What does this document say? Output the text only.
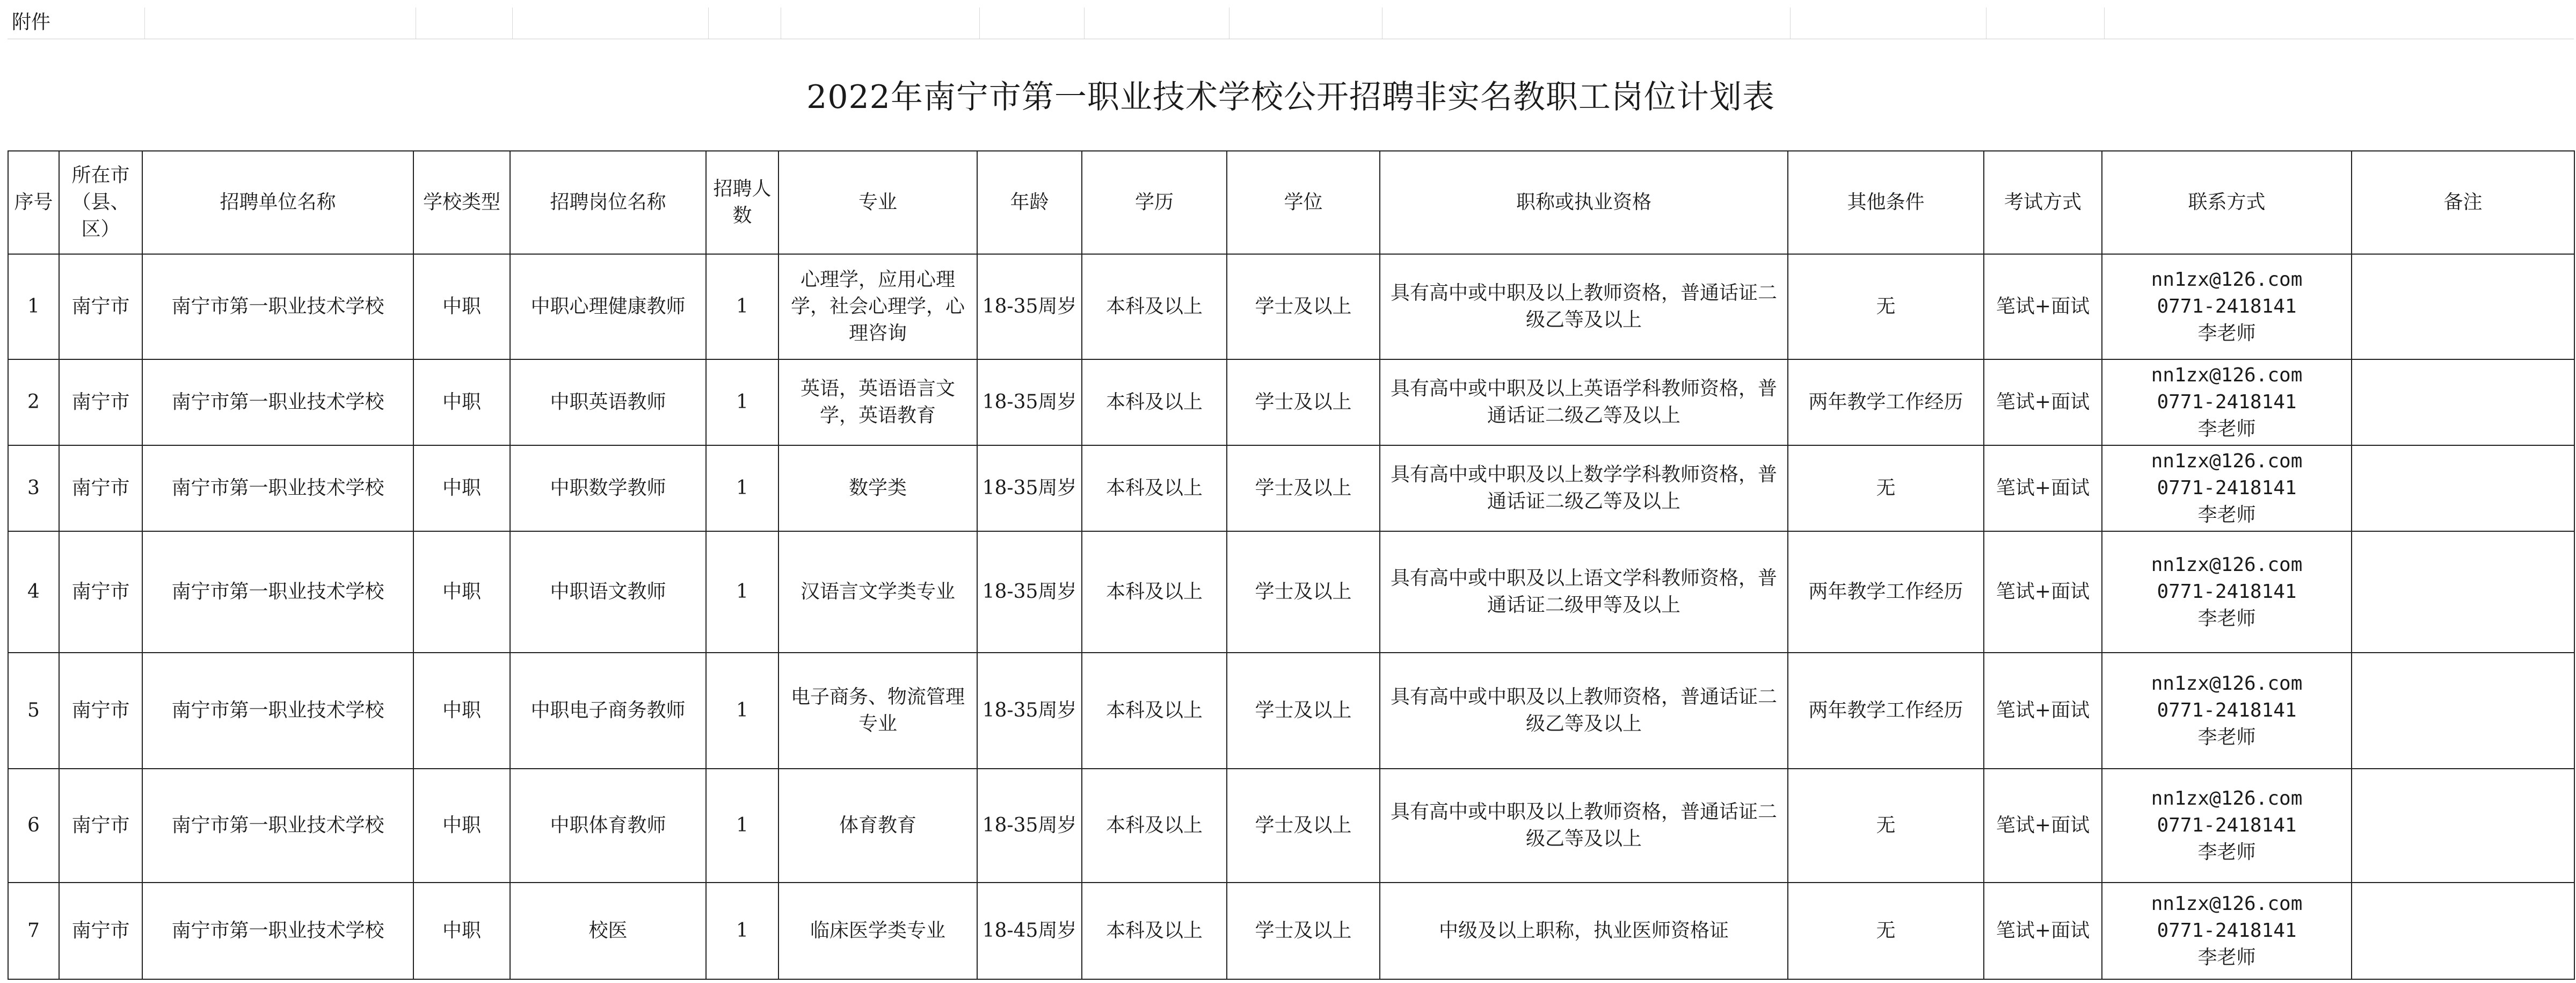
附件
2022年南宁市第一职业技术学校公开招聘非实名教职工岗位计划表
序号	所在市（县、区）	招聘单位名称	学校类型	招聘岗位名称	招聘人数	专业	年龄	学历	学位	职称或执业资格	其他条件	考试方式	联系方式	备注
1	南宁市	南宁市第一职业技术学校	中职	中职心理健康教师	1	心理学，应用心理学，社会心理学，心理咨询	18-35周岁	本科及以上	学士及以上	具有高中或中职及以上教师资格，普通话证二级乙等及以上	无	笔试+面试	nn1zx@126.com
0771-2418141
李老师	

2	南宁市	南宁市第一职业技术学校	中职	中职英语教师	1	英语，英语语言文学，英语教育	18-35周岁	本科及以上	学士及以上	具有高中或中职及以上英语学科教师资格，普通话证二级乙等及以上	两年教学工作经历	笔试+面试	nn1zx@126.com
0771-2418141
李老师	

3	南宁市	南宁市第一职业技术学校	中职	中职数学教师	1	数学类	18-35周岁	本科及以上	学士及以上	具有高中或中职及以上数学学科教师资格，普通话证二级乙等及以上	无	笔试+面试	nn1zx@126.com
0771-2418141
李老师	

4	南宁市	南宁市第一职业技术学校	中职	中职语文教师	1	汉语言文学类专业	18-35周岁	本科及以上	学士及以上	具有高中或中职及以上语文学科教师资格，普通话证二级甲等及以上	两年教学工作经历	笔试+面试	nn1zx@126.com
0771-2418141
李老师	

5	南宁市	南宁市第一职业技术学校	中职	中职电子商务教师	1	电子商务、物流管理专业	18-35周岁	本科及以上	学士及以上	具有高中或中职及以上教师资格，普通话证二级乙等及以上	两年教学工作经历	笔试+面试	nn1zx@126.com
0771-2418141
李老师	

6	南宁市	南宁市第一职业技术学校	中职	中职体育教师	1	体育教育	18-35周岁	本科及以上	学士及以上	具有高中或中职及以上教师资格，普通话证二级乙等及以上	无	笔试+面试	nn1zx@126.com
0771-2418141
李老师	

7	南宁市	南宁市第一职业技术学校	中职	校医	1	临床医学类专业	18-45周岁	本科及以上	学士及以上	中级及以上职称，执业医师资格证	无	笔试+面试	nn1zx@126.com
0771-2418141
李老师	
